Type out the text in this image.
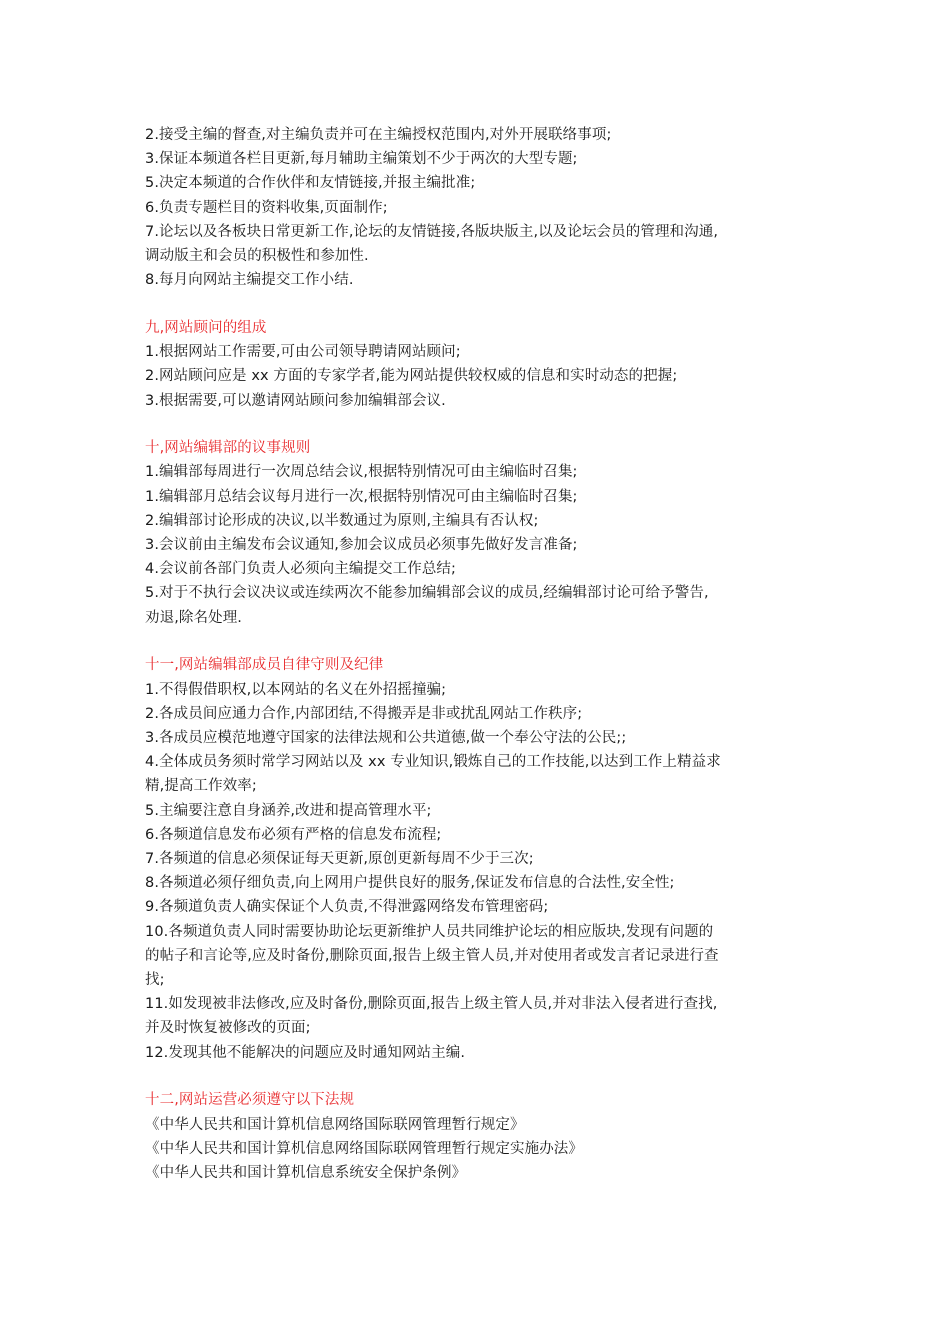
2.接受主编的督查,对主编负责并可在主编授权范围内,对外开展联络事项;
3.保证本频道各栏目更新,每月辅助主编策划不少于两次的大型专题;
5.决定本频道的合作伙伴和友情链接,并报主编批准;
6.负责专题栏目的资料收集,页面制作;
7.论坛以及各板块日常更新工作,论坛的友情链接,各版块版主,以及论坛会员的管理和沟通,
调动版主和会员的积极性和参加性.
8.每月向网站主编提交工作小结.
九,网站顾问的组成
1.根据网站工作需要,可由公司领导聘请网站顾问;
2.网站顾问应是 xx 方面的专家学者,能为网站提供较权威的信息和实时动态的把握;
3.根据需要,可以邀请网站顾问参加编辑部会议.
十,网站编辑部的议事规则
1.编辑部每周进行一次周总结会议,根据特别情况可由主编临时召集;
1.编辑部月总结会议每月进行一次,根据特别情况可由主编临时召集;
2.编辑部讨论形成的决议,以半数通过为原则,主编具有否认权;
3.会议前由主编发布会议通知,参加会议成员必须事先做好发言准备;
4.会议前各部门负责人必须向主编提交工作总结;
5.对于不执行会议决议或连续两次不能参加编辑部会议的成员,经编辑部讨论可给予警告,
劝退,除名处理.
十一,网站编辑部成员自律守则及纪律
1.不得假借职权,以本网站的名义在外招摇撞骗;
2.各成员间应通力合作,内部团结,不得搬弄是非或扰乱网站工作秩序;
3.各成员应模范地遵守国家的法律法规和公共道德,做一个奉公守法的公民;;
4.全体成员务须时常学习网站以及 xx 专业知识,锻炼自己的工作技能,以达到工作上精益求
精,提高工作效率;
5.主编要注意自身涵养,改进和提高管理水平;
6.各频道信息发布必须有严格的信息发布流程;
7.各频道的信息必须保证每天更新,原创更新每周不少于三次;
8.各频道必须仔细负责,向上网用户提供良好的服务,保证发布信息的合法性,安全性;
9.各频道负责人确实保证个人负责,不得泄露网络发布管理密码;
10.各频道负责人同时需要协助论坛更新维护人员共同维护论坛的相应版块,发现有问题的
的帖子和言论等,应及时备份,删除页面,报告上级主管人员,并对使用者或发言者记录进行查
找;
11.如发现被非法修改,应及时备份,删除页面,报告上级主管人员,并对非法入侵者进行查找,
并及时恢复被修改的页面;
12.发现其他不能解决的问题应及时通知网站主编.
十二,网站运营必须遵守以下法规
《中华人民共和国计算机信息网络国际联网管理暂行规定》
《中华人民共和国计算机信息网络国际联网管理暂行规定实施办法》
《中华人民共和国计算机信息系统安全保护条例》
